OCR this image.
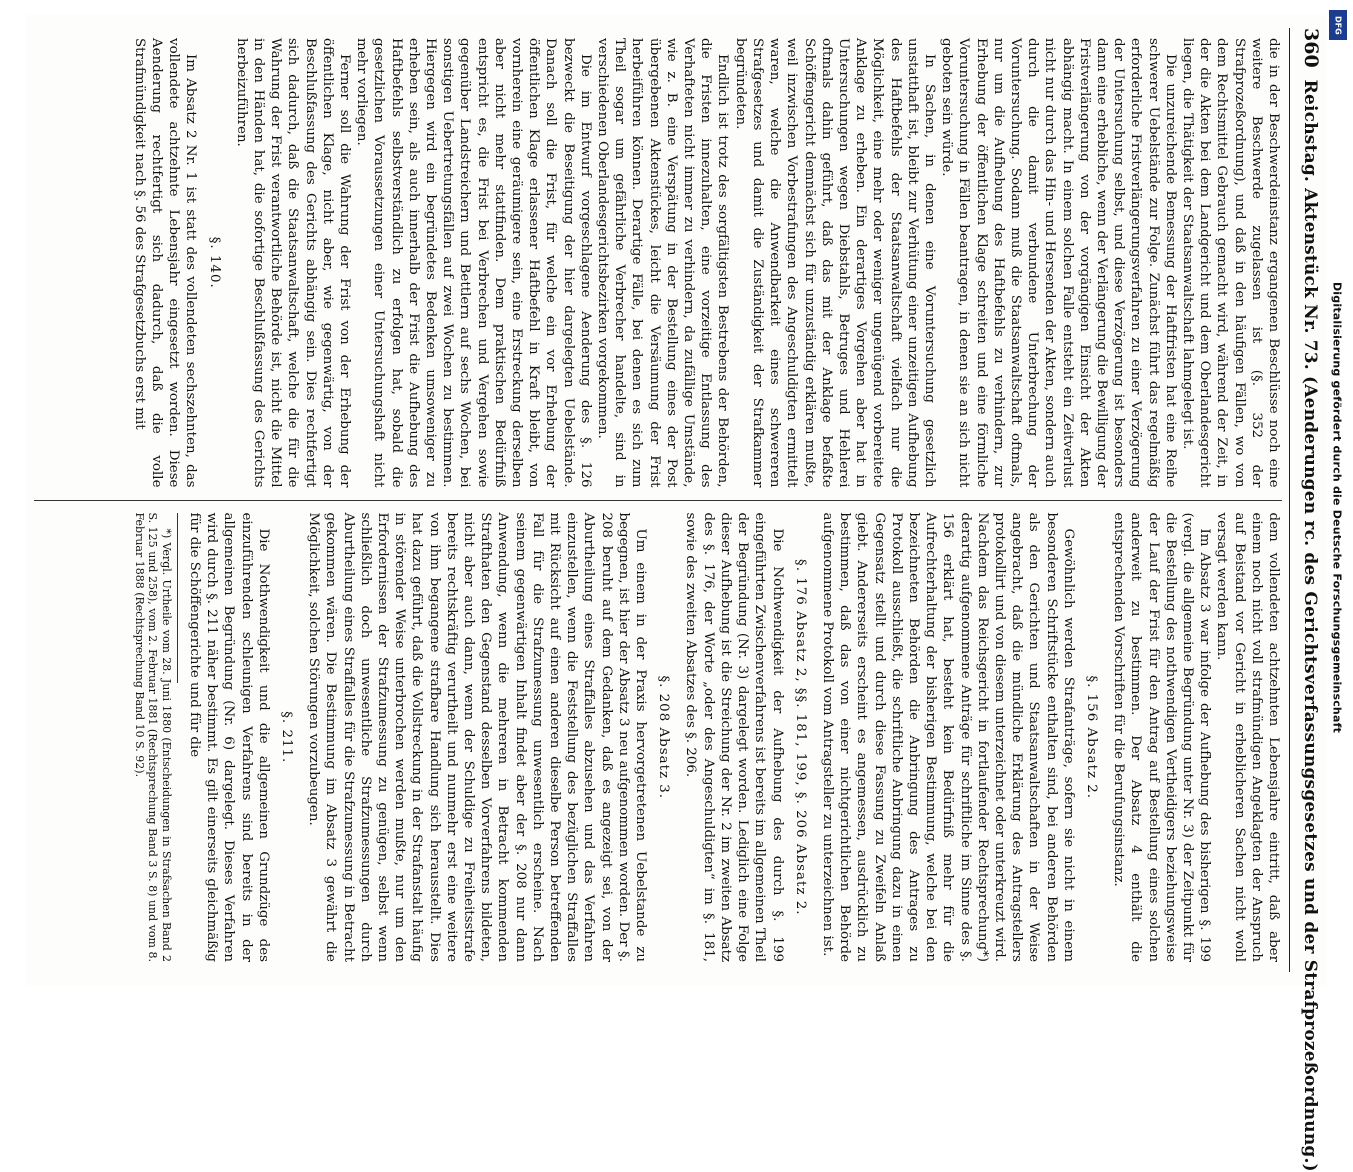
360
Reichstag. Aktenstück Nr. 73. (Aenderungen rc. des Gerichtsverfassungsgesetzes und der Strafprozeßordnung.)

die in der Beschwerdeinstanz ergangenen Beschlüsse noch eine weitere Beschwerde zugelassen ist (§. 352 der Strafprozeßordnung), und daß in den häufigen Fällen, wo von dem Rechtsmittel Gebrauch gemacht wird, während der Zeit, in der die Akten bei dem Landgericht und dem Oberlandesgericht liegen, die Thätigkeit der Staatsanwaltschaft lahmgelegt ist.

Die unzureichende Bemessung der Haftfristen hat eine Reihe schwerer Uebelstände zur Folge. Zunächst führt das regelmäßig erforderliche Fristverlängerungsverfahren zu einer Verzögerung der Untersuchung selbst, und diese Verzögerung ist besonders dann eine erhebliche, wenn der Verlängerung die Bewilligung der Fristverlängerung von der vorgängigen Einsicht der Akten abhängig macht. In einem solchen Falle entsteht ein Zeitverlust nicht nur durch das Hin- und Hersenden der Akten, sondern auch durch die damit verbundene Unterbrechung der Voruntersuchung. Sodann muß die Staatsanwaltschaft oftmals, nur um die Aufhebung des Haftbefehls zu verhindern, zur Erhebung der öffentlichen Klage schreiten und eine förmliche Voruntersuchung in Fällen beantragen, in denen sie an sich nicht geboten sein würde.

In Sachen, in denen eine Voruntersuchung gesetzlich unstatthaft ist, bleibt zur Verhütung einer unzeitigen Aufhebung des Haftbefehls der Staatsanwaltschaft vielfach nur die Möglichkeit, eine mehr oder weniger ungenügend vorbereitete Anklage zu erheben. Ein derartiges Vorgehen aber hat in Untersuchungen wegen Diebstahls, Betruges und Hehlerei oftmals dahin geführt, daß das mit der Anklage befaßte Schöffengericht demnächst sich für unzuständig erklären mußte, weil inzwischen Vorbestrafungen des Angeschuldigten ermittelt waren, welche die Anwendbarkeit eines schwereren Strafgesetzes und damit die Zuständigkeit der Strafkammer begründeten.

Endlich ist trotz des sorgfältigsten Bestrebens der Behörden, die Fristen innezuhalten, eine vorzeitige Entlassung des Verhafteten nicht immer zu verhindern, da zufällige Umstände, wie z. B. eine Verspätung in der Bestellung eines der Post übergebenen Aktenstückes, leicht die Versäumung der Frist herbeiführen können. Derartige Fälle, bei denen es sich zum Theil sogar um gefährliche Verbrecher handelte, sind in verschiedenen Oberlandesgerichtsbezirken vorgekommen.

Die im Entwurf vorgeschlagene Aenderung des §. 126 bezweckt die Beseitigung der hier dargelegten Uebelstände. Danach soll die Frist, für welche ein vor Erhebung der öffentlichen Klage erlassener Haftbefehl in Kraft bleibt, von vornherein eine geräumigere sein, eine Erstreckung derselben aber nicht mehr stattfinden. Dem praktischen Bedürfniß entspricht es, die Frist bei Verbrechen und Vergehen sowie gegenüber Landstreichern und Bettlern auf sechs Wochen, bei sonstigen Uebertretungsfällen auf zwei Wochen zu bestimmen. Hiergegen wird ein begründetes Bedenken umsoweniger zu erheben sein, als auch innerhalb der Frist die Aufhebung des Haftbefehls selbstverständlich zu erfolgen hat, sobald die gesetzlichen Voraussetzungen einer Untersuchungshaft nicht mehr vorliegen.

Ferner soll die Wahrung der Frist von der Erhebung der öffentlichen Klage, nicht aber, wie gegenwärtig, von der Beschlußfassung des Gerichts abhängig sein. Dies rechtfertigt sich dadurch, daß die Staatsanwaltschaft, welche die für die Wahrung der Frist verantwortliche Behörde ist, nicht die Mittel in den Händen hat, die sofortige Beschlußfassung des Gerichts herbeizuführen.

§. 140.

Im Absatz 2 Nr. 1 ist statt des vollendeten sechszehnten, das vollendete achtzehnte Lebensjahr eingesetzt worden. Diese Aenderung rechtfertigt sich dadurch, daß die volle Strafmündigkeit nach §. 56 des Strafgesetzbuchs erst mit

dem vollendeten achtzehnten Lebensjahre eintritt, daß aber einem noch nicht voll strafmündigen Angeklagten der Anspruch auf Beistand vor Gericht in erheblicheren Sachen nicht wohl versagt werden kann.

Im Absatz 3 war infolge der Aufhebung des bisherigen §. 199 (vergl. die allgemeine Begründung unter Nr. 3) der Zeitpunkt für die Bestellung des nothwendigen Vertheidigers beziehungsweise der Lauf der Frist für den Antrag auf Bestellung eines solchen anderweit zu bestimmen. Der Absatz 4 enthält die entsprechenden Vorschriften für die Berufungsinstanz.

§. 156 Absatz 2.

Gewöhnlich werden Strafanträge, sofern sie nicht in einem besonderen Schriftstücke enthalten sind, bei anderen Behörden als den Gerichten und Staatsanwaltschaften in der Weise angebracht, daß die mündliche Erklärung des Antragstellers protokollirt und von diesem unterzeichnet oder unterkreuzt wird. Nachdem das Reichsgericht in fortlaufender Rechtsprechung*) derartig aufgenommene Anträge für schriftliche im Sinne des §. 156 erklärt hat, besteht kein Bedürfniß mehr für die Aufrechterhaltung der bisherigen Bestimmung, welche bei den bezeichneten Behörden die Anbringung des Antrages zu Protokoll ausschließt, die schriftliche Anbringung dazu in einen Gegensatz stellt und durch diese Fassung zu Zweifeln Anlaß giebt. Andererseits erscheint es angemessen, ausdrücklich zu bestimmen, daß das von einer nichtgerichtlichen Behörde aufgenommene Protokoll vom Antragsteller zu unterzeichnen ist.

§. 176 Absatz 2, §§. 181, 199, §. 206 Absatz 2.

Die Nothwendigkeit der Aufhebung des durch §. 199 eingeführten Zwischenverfahrens ist bereits im allgemeinen Theil der Begründung (Nr. 3) dargelegt worden. Lediglich eine Folge dieser Aufhebung ist die Streichung der Nr. 2 im zweiten Absatz des §. 176, der Worte „oder des Angeschuldigten“ im §. 181, sowie des zweiten Absatzes des §. 206.

§. 208 Absatz 3.

Um einem in der Praxis hervorgetretenen Uebelstande zu begegnen, ist hier der Absatz 3 neu aufgenommen worden. Der §. 208 beruht auf dem Gedanken, daß es angezeigt sei, von der Aburtheilung eines Straffalles abzusehen und das Verfahren einzustellen, wenn die Feststellung des bezüglichen Straffalles mit Rücksicht auf einen anderen dieselbe Person betreffenden Fall für die Strafzumessung unwesentlich erscheine. Nach seinem gegenwärtigen Inhalt findet aber der §. 208 nur dann Anwendung, wenn die mehreren in Betracht kommenden Strafthaten den Gegenstand desselben Vorverfahrens bildeten, nicht aber auch dann, wenn der Schuldige zu Freiheitsstrafe bereits rechtskräftig verurtheilt und nunmehr erst eine weitere von ihm begangene strafbare Handlung sich herausstellt. Dies hat dazu geführt, daß die Vollstreckung in der Strafanstalt häufig in störender Weise unterbrochen werden mußte, nur um den Erfordernissen der Strafzumessung zu genügen, selbst wenn schließlich doch unwesentliche Strafzumessungen durch Aburtheilung eines Straffalles für die Strafzumessung in Betracht gekommen wären. Die Bestimmung im Absatz 3 gewährt die Möglichkeit, solchen Störungen vorzubeugen.

§. 211.

Die Nothwendigkeit und die allgemeinen Grundzüge des einzuführenden schleunigen Verfahrens sind bereits in der allgemeinen Begründung (Nr. 6) dargelegt. Dieses Verfahren wird durch §. 211 näher bestimmt. Es gilt einerseits gleichmäßig für die Schöffengerichte und für die

*) Vergl. Urtheile vom 28. Juni 1880 (Entscheidungen in Strafsachen Band 2 S. 125 und 258), vom 2. Februar 1881 (Rechtsprechung Band 3 S. 8) und vom 8. Februar 1888 (Rechtsprechung Band 10 S. 92).

DFG
Digitalisierung gefördert durch die Deutsche Forschungsgemeinschaft
